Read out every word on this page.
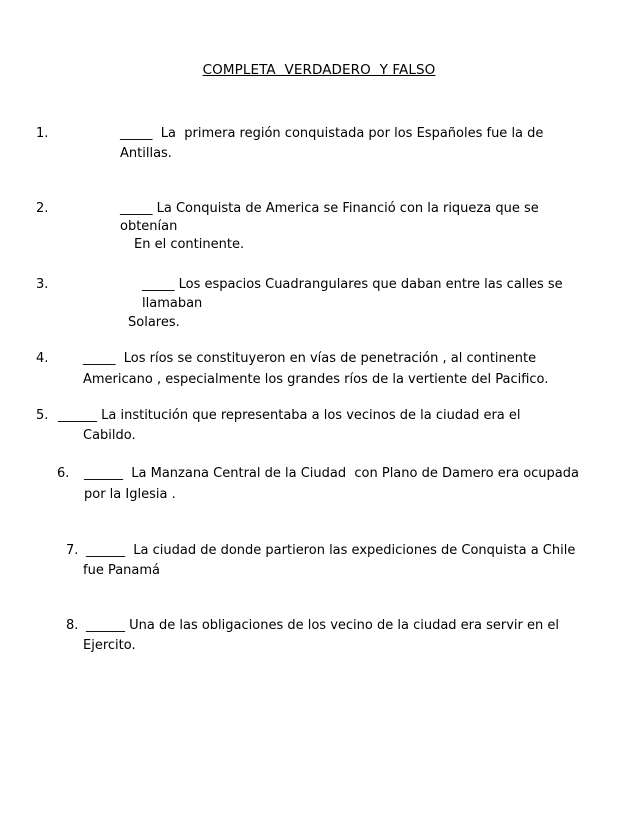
COMPLETA  VERDADERO  Y FALSO
1.	_____  La  primera región conquistada por los Españoles fue la de
Antillas.
2.	_____ La Conquista de America se Financió con la riqueza que se
obtenían
En el continente.
3.	_____ Los espacios Cuadrangulares que daban entre las calles se
llamaban
Solares.
4.	_____  Los ríos se constituyeron en vías de penetración , al continente
Americano , especialmente los grandes ríos de la vertiente del Pacifico.
5. ______ La institución que representaba a los vecinos de la ciudad era el
Cabildo.
6. ______  La Manzana Central de la Ciudad  con Plano de Damero era ocupada
por la Iglesia .
7. ______  La ciudad de donde partieron las expediciones de Conquista a Chile
fue Panamá
8. ______ Una de las obligaciones de los vecino de la ciudad era servir en el
Ejercito.
